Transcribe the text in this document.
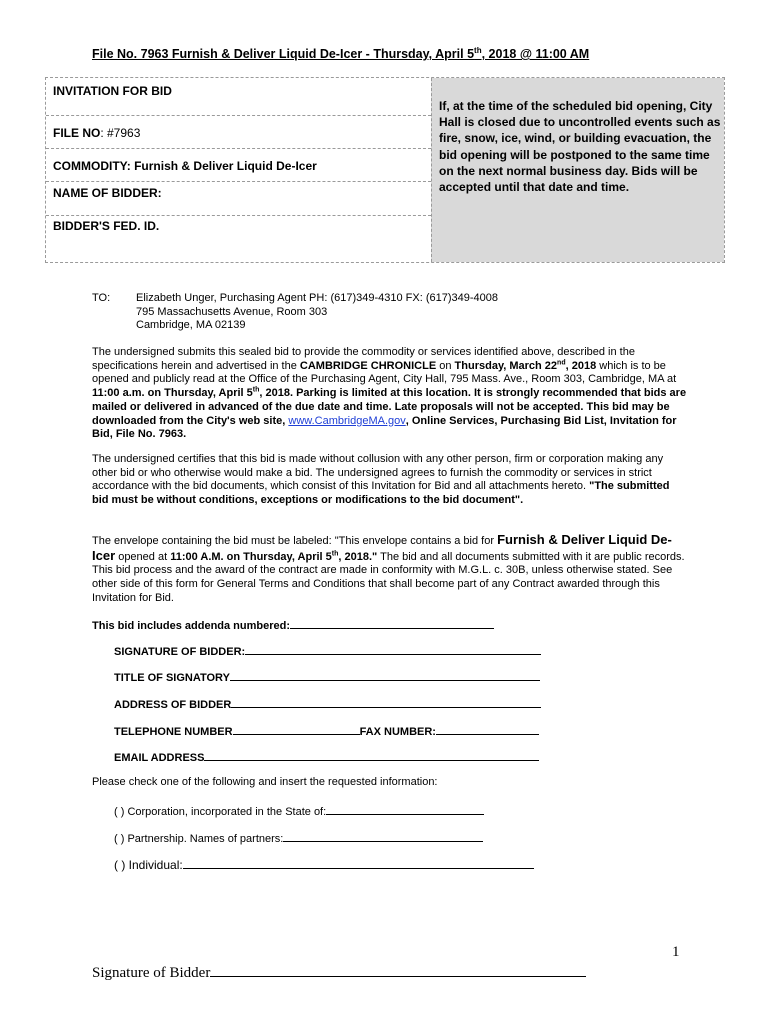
File No. 7963 Furnish & Deliver Liquid De-Icer - Thursday, April 5th, 2018 @ 11:00 AM
INVITATION FOR BID
FILE NO: #7963
COMMODITY: Furnish & Deliver Liquid De-Icer
NAME OF BIDDER:
BIDDER'S FED. ID.

If, at the time of the scheduled bid opening, City Hall is closed due to uncontrolled events such as fire, snow, ice, wind, or building evacuation, the bid opening will be postponed to the same time on the next normal business day. Bids will be accepted until that date and time.

TO: Elizabeth Unger, Purchasing Agent PH: (617)349-4310 FX: (617)349-4008
795 Massachusetts Avenue, Room 303
Cambridge, MA 02139

The undersigned submits this sealed bid to provide the commodity or services identified above, described in the specifications herein and advertised in the CAMBRIDGE CHRONICLE on Thursday, March 22nd, 2018 which is to be opened and publicly read at the Office of the Purchasing Agent, City Hall, 795 Mass. Ave., Room 303, Cambridge, MA at 11:00 a.m. on Thursday, April 5th, 2018. Parking is limited at this location. It is strongly recommended that bids are mailed or delivered in advanced of the due date and time. Late proposals will not be accepted. This bid may be downloaded from the City's web site, www.CambridgeMA.gov, Online Services, Purchasing Bid List, Invitation for Bid, File No. 7963.

The undersigned certifies that this bid is made without collusion with any other person, firm or corporation making any other bid or who otherwise would make a bid. The undersigned agrees to furnish the commodity or services in strict accordance with the bid documents, which consist of this Invitation for Bid and all attachments hereto. "The submitted bid must be without conditions, exceptions or modifications to the bid document".

The envelope containing the bid must be labeled: "This envelope contains a bid for Furnish & Deliver Liquid De-Icer opened at 11:00 A.M. on Thursday, April 5th, 2018." The bid and all documents submitted with it are public records. This bid process and the award of the contract are made in conformity with M.G.L. c. 30B, unless otherwise stated. See other side of this form for General Terms and Conditions that shall become part of any Contract awarded through this Invitation for Bid.

This bid includes addenda numbered:
SIGNATURE OF BIDDER:
TITLE OF SIGNATORY
ADDRESS OF BIDDER
TELEPHONE NUMBER	FAX NUMBER:
EMAIL ADDRESS
Please check one of the following and insert the requested information:
( ) Corporation, incorporated in the State of:
( ) Partnership. Names of partners:
( ) Individual:
1
Signature of Bidder
